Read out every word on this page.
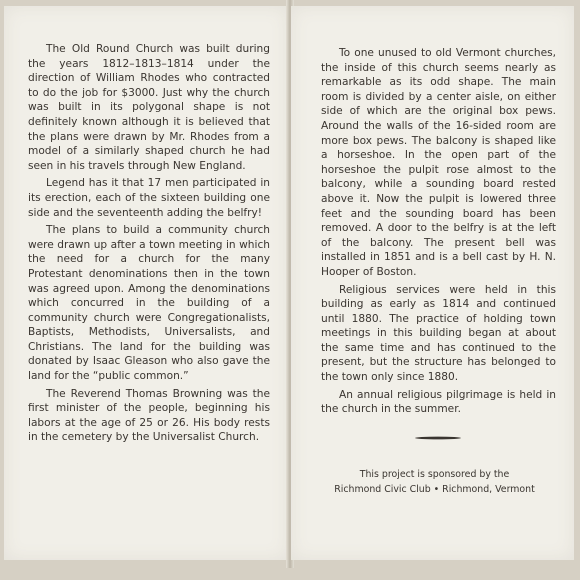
The Old Round Church was built during the years 1812–1813–1814 under the direction of William Rhodes who contracted to do the job for $3000. Just why the church was built in its polygonal shape is not definitely known although it is believed that the plans were drawn by Mr. Rhodes from a model of a similarly shaped church he had seen in his travels through New England.

Legend has it that 17 men participated in its erection, each of the sixteen building one side and the seventeenth adding the belfry!

The plans to build a community church were drawn up after a town meeting in which the need for a church for the many Protestant denominations then in the town was agreed upon. Among the denominations which concurred in the building of a community church were Congregationalists, Baptists, Methodists, Universalists, and Christians. The land for the building was donated by Isaac Gleason who also gave the land for the “public common.”

The Reverend Thomas Browning was the first minister of the people, beginning his labors at the age of 25 or 26. His body rests in the cemetery by the Universalist Church.

To one unused to old Vermont churches, the inside of this church seems nearly as remarkable as its odd shape. The main room is divided by a center aisle, on either side of which are the original box pews. Around the walls of the 16-sided room are more box pews. The balcony is shaped like a horseshoe. In the open part of the horseshoe the pulpit rose almost to the balcony, while a sounding board rested above it. Now the pulpit is lowered three feet and the sounding board has been removed. A door to the belfry is at the left of the balcony. The present bell was installed in 1851 and is a bell cast by H. N. Hooper of Boston.

Religious services were held in this building as early as 1814 and continued until 1880. The practice of holding town meetings in this building began at about the same time and has continued to the present, but the structure has belonged to the town only since 1880.

An annual religious pilgrimage is held in the church in the summer.

This project is sponsored by the
Richmond Civic Club • Richmond, Vermont
